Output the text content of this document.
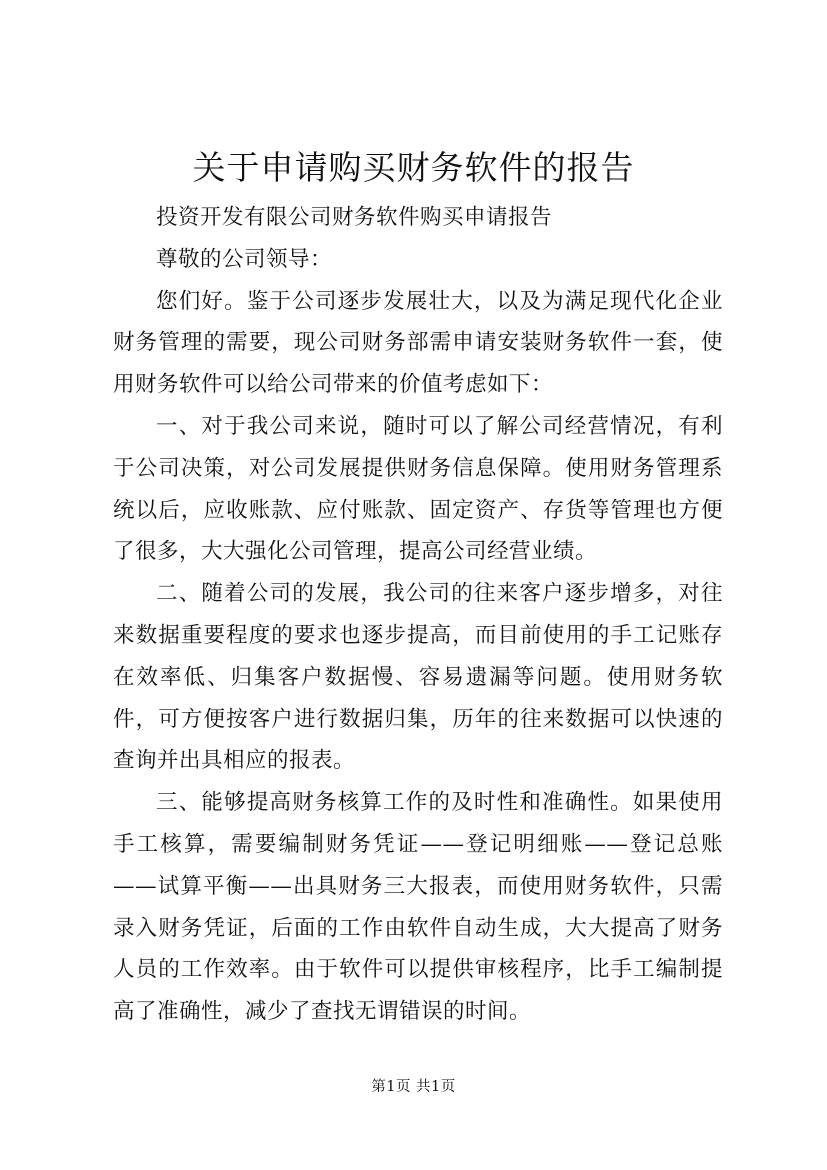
关于申请购买财务软件的报告

投资开发有限公司财务软件购买申请报告

尊敬的公司领导：

您们好。鉴于公司逐步发展壮大，以及为满足现代化企业财务管理的需要，现公司财务部需申请安装财务软件一套，使用财务软件可以给公司带来的价值考虑如下：

一、对于我公司来说，随时可以了解公司经营情况，有利于公司决策，对公司发展提供财务信息保障。使用财务管理系统以后，应收账款、应付账款、固定资产、存货等管理也方便了很多，大大强化公司管理，提高公司经营业绩。

二、随着公司的发展，我公司的往来客户逐步增多，对往来数据重要程度的要求也逐步提高，而目前使用的手工记账存在效率低、归集客户数据慢、容易遗漏等问题。使用财务软件，可方便按客户进行数据归集，历年的往来数据可以快速的查询并出具相应的报表。

三、能够提高财务核算工作的及时性和准确性。如果使用手工核算，需要编制财务凭证——登记明细账——登记总账——试算平衡——出具财务三大报表，而使用财务软件，只需录入财务凭证，后面的工作由软件自动生成，大大提高了财务人员的工作效率。由于软件可以提供审核程序，比手工编制提高了准确性，减少了查找无谓错误的时间。

第1页 共1页
